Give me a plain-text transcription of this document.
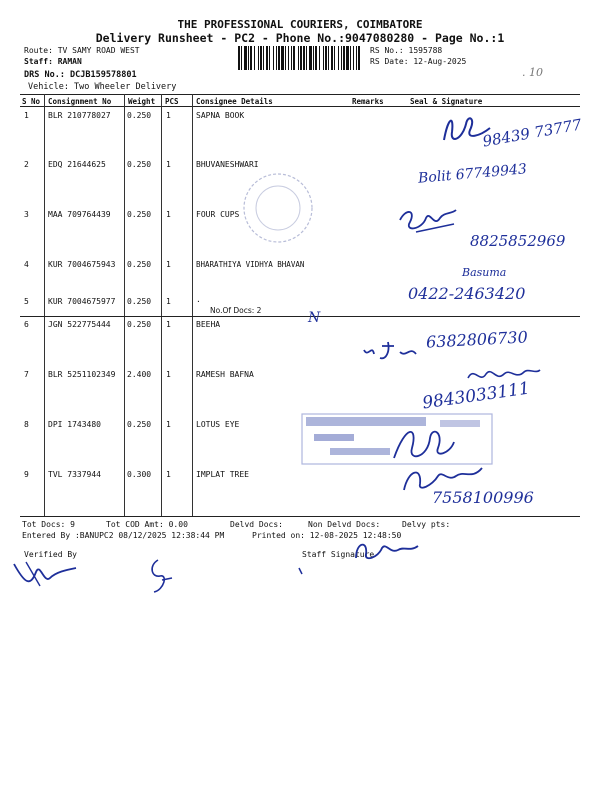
THE PROFESSIONAL COURIERS, COIMBATORE
Delivery Runsheet - PC2 - Phone No.:9047080280 - Page No.:1
Route: TV SAMY ROAD WEST
Staff: RAMAN
DRS No.: DCJB159578801
Vehicle: Two Wheeler Delivery
RS No.: 1595788
RS Date: 12-Aug-2025
. 10
S No Consignment No Weight PCS Consignee Details	Remarks	Seal & Signature
1 BLR 210778027 0.250 1	SAPNA BOOK
2 EDQ 21644625	0.250 1	BHUVANESHWARI
3 MAA 709764439 0.250 1	FOUR CUPS
4 KUR 7004675943 0.250 1	BHARATHIYA VIDHYA BHAVAN
5 KUR 7004675977 0.250 1	.
No.Of Docs: 2
6 JGN 522775444 0.250 1	BEEHA
7 BLR 5251102349 2.400 1	RAMESH BAFNA
8 DPI 1743480	0.250 1	LOTUS EYE
9 TVL 7337944	0.300 1	IMPLAT TREE
98439 73777
Bolit 67749943
8825852969
Basuma
0422-2463420
N
6382806730
9843033111
7558100996
Tot Docs: 9	Tot COD Amt: 0.00	Delvd Docs:	Non Delvd Docs:	Delvy pts:
Entered By :BANUPC2 08/12/2025 12:38:44 PM	Printed on: 12-08-2025 12:48:50
Verified By	Staff Signature
